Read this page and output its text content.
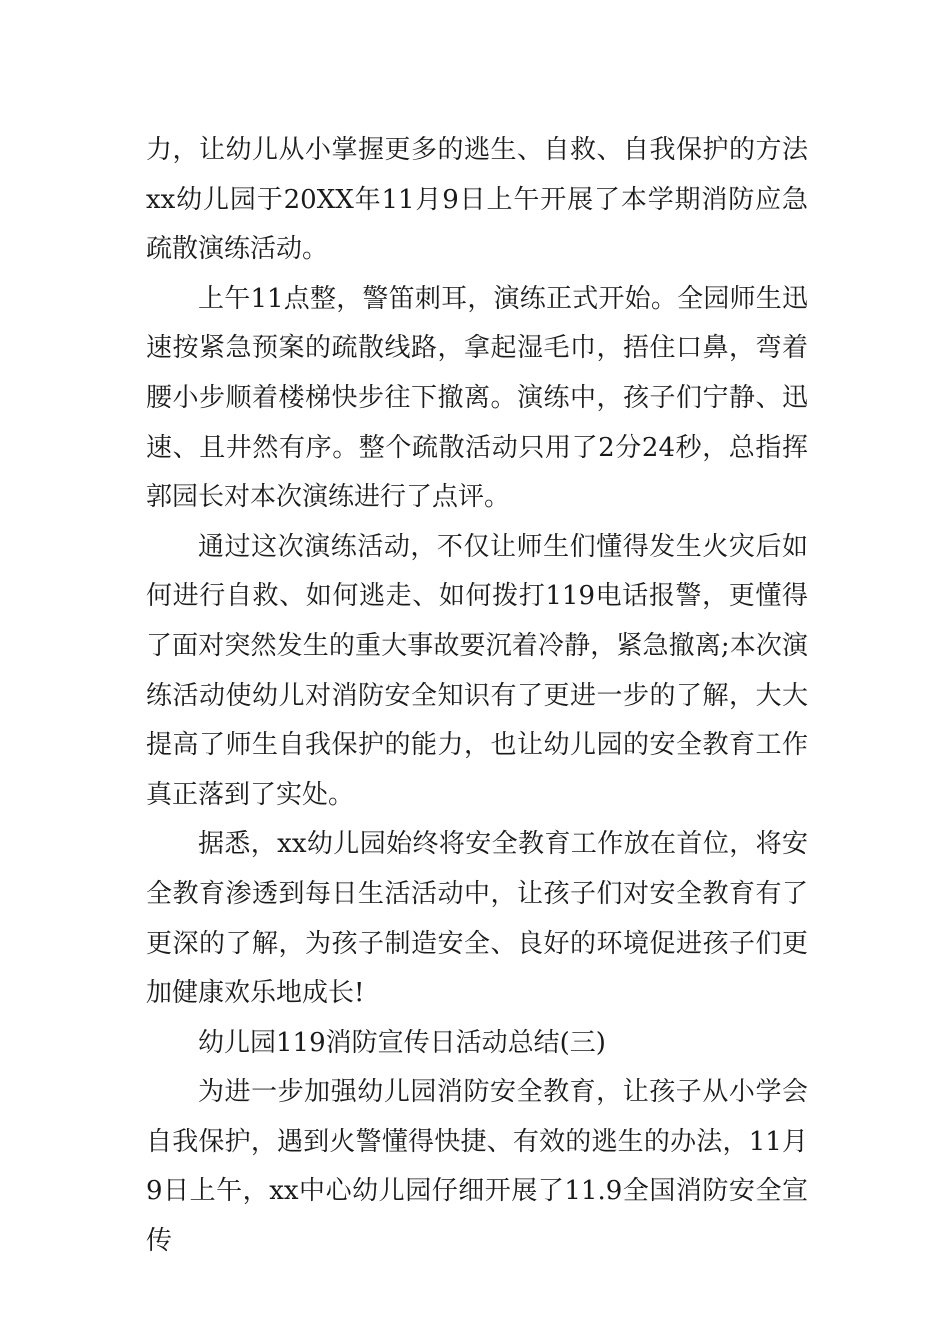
力，让幼儿从小掌握更多的逃生、自救、自我保护的方法xx幼儿园于20XX年11月9日上午开展了本学期消防应急疏散演练活动。

上午11点整，警笛刺耳，演练正式开始。全园师生迅速按紧急预案的疏散线路，拿起湿毛巾，捂住口鼻，弯着腰小步顺着楼梯快步往下撤离。演练中，孩子们宁静、迅速、且井然有序。整个疏散活动只用了2分24秒，总指挥郭园长对本次演练进行了点评。

通过这次演练活动，不仅让师生们懂得发生火灾后如何进行自救、如何逃走、如何拨打119电话报警，更懂得了面对突然发生的重大事故要沉着冷静，紧急撤离;本次演练活动使幼儿对消防安全知识有了更进一步的了解，大大提高了师生自我保护的能力，也让幼儿园的安全教育工作真正落到了实处。

据悉，xx幼儿园始终将安全教育工作放在首位，将安全教育渗透到每日生活活动中，让孩子们对安全教育有了更深的了解，为孩子制造安全、良好的环境促进孩子们更加健康欢乐地成长!

幼儿园119消防宣传日活动总结(三)

为进一步加强幼儿园消防安全教育，让孩子从小学会自我保护，遇到火警懂得快捷、有效的逃生的办法，11月9日上午，xx中心幼儿园仔细开展了11.9全国消防安全宣传
